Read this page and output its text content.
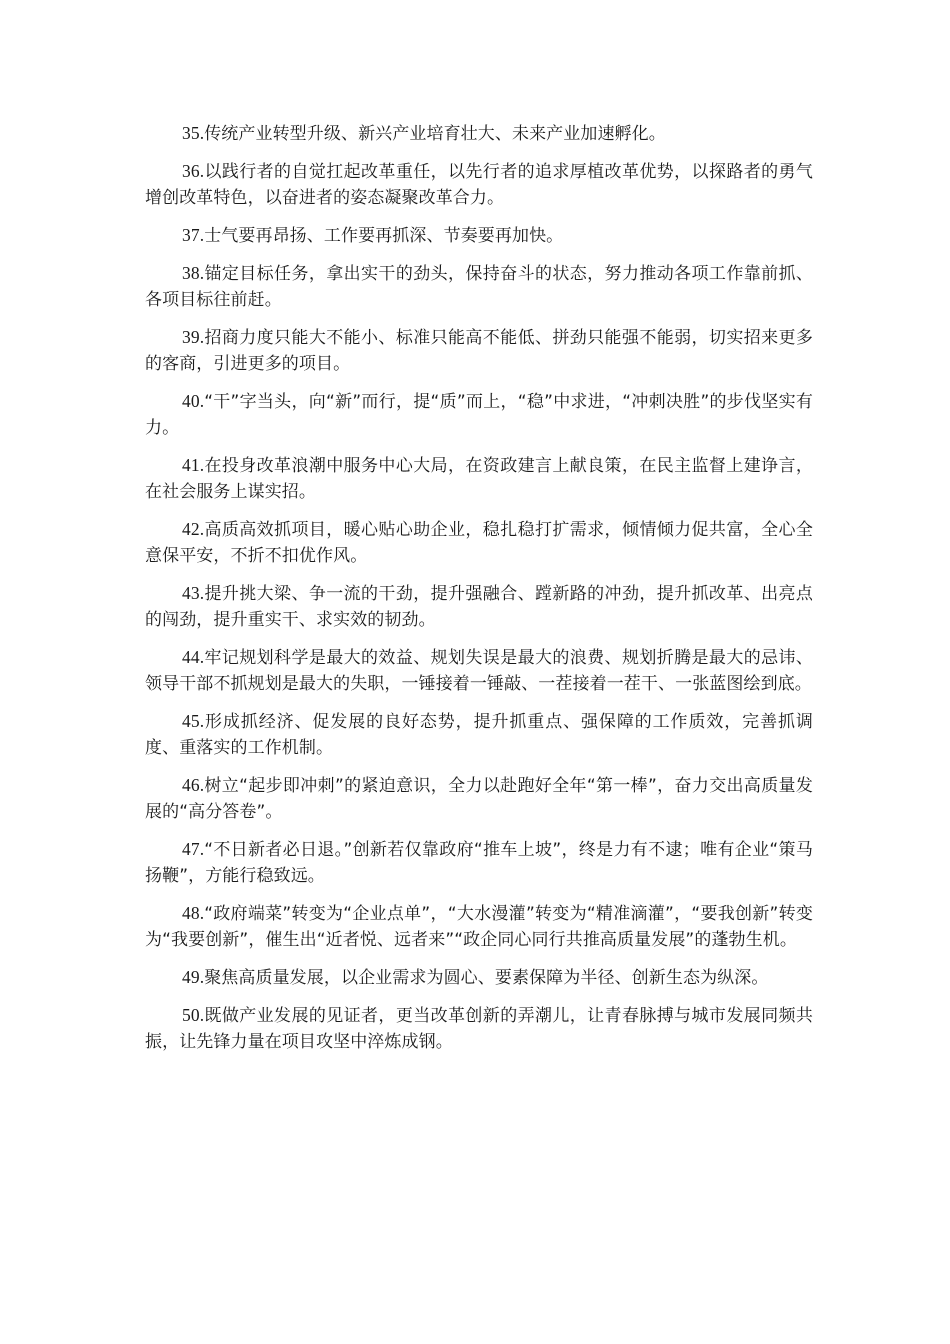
35.传统产业转型升级、新兴产业培育壮大、未来产业加速孵化。

36.以践行者的自觉扛起改革重任，以先行者的追求厚植改革优势，以探路者的勇气增创改革特色，以奋进者的姿态凝聚改革合力。

37.士气要再昂扬、工作要再抓深、节奏要再加快。

38.锚定目标任务，拿出实干的劲头，保持奋斗的状态，努力推动各项工作靠前抓、各项目标往前赶。

39.招商力度只能大不能小、标准只能高不能低、拼劲只能强不能弱，切实招来更多的客商，引进更多的项目。

40.“干”字当头，向“新”而行，提“质”而上，“稳”中求进，“冲刺决胜”的步伐坚实有力。

41.在投身改革浪潮中服务中心大局，在资政建言上献良策，在民主监督上建诤言，在社会服务上谋实招。

42.高质高效抓项目，暖心贴心助企业，稳扎稳打扩需求，倾情倾力促共富，全心全意保平安，不折不扣优作风。

43.提升挑大梁、争一流的干劲，提升强融合、蹚新路的冲劲，提升抓改革、出亮点的闯劲，提升重实干、求实效的韧劲。

44.牢记规划科学是最大的效益、规划失误是最大的浪费、规划折腾是最大的忌讳、领导干部不抓规划是最大的失职，一锤接着一锤敲、一茬接着一茬干、一张蓝图绘到底。

45.形成抓经济、促发展的良好态势，提升抓重点、强保障的工作质效，完善抓调度、重落实的工作机制。

46.树立“起步即冲刺”的紧迫意识，全力以赴跑好全年“第一棒”，奋力交出高质量发展的“高分答卷”。

47.“不日新者必日退。”创新若仅靠政府“推车上坡”，终是力有不逮；唯有企业“策马扬鞭”，方能行稳致远。

48.“政府端菜”转变为“企业点单”，“大水漫灌”转变为“精准滴灌”，“要我创新”转变为“我要创新”，催生出“近者悦、远者来”“政企同心同行共推高质量发展”的蓬勃生机。

49.聚焦高质量发展，以企业需求为圆心、要素保障为半径、创新生态为纵深。

50.既做产业发展的见证者，更当改革创新的弄潮儿，让青春脉搏与城市发展同频共振，让先锋力量在项目攻坚中淬炼成钢。
